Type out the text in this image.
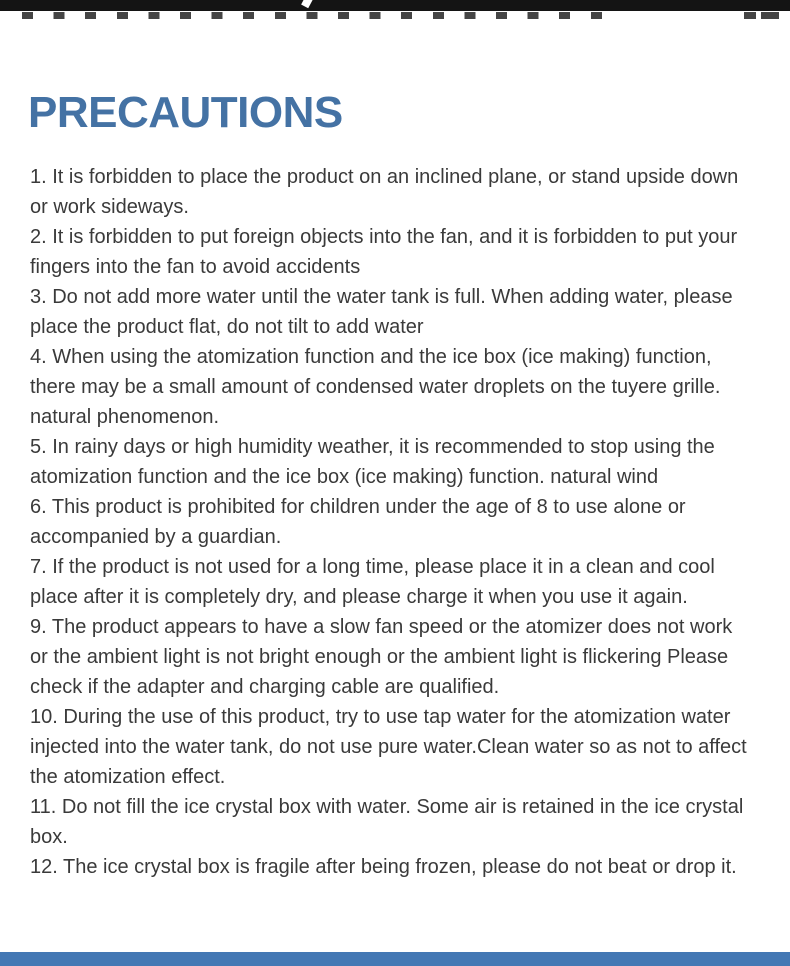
PRECAUTIONS
1. It is forbidden to place the product on an inclined plane, or stand upside down
or work sideways.
2. It is forbidden to put foreign objects into the fan, and it is forbidden to put your
fingers into the fan to avoid accidents
3. Do not add more water until the water tank is full. When adding water, please
place the product flat, do not tilt to add water
4. When using the atomization function and the ice box (ice making) function,
there may be a small amount of condensed water droplets on the tuyere grille.
natural phenomenon.
5. In rainy days or high humidity weather, it is recommended to stop using the
atomization function and the ice box (ice making) function. natural wind
6. This product is prohibited for children under the age of 8 to use alone or
accompanied by a guardian.
7. If the product is not used for a long time, please place it in a clean and cool
place after it is completely dry, and please charge it when you use it again.
9. The product appears to have a slow fan speed or the atomizer does not work
or the ambient light is not bright enough or the ambient light is flickering Please
check if the adapter and charging cable are qualified.
10. During the use of this product, try to use tap water for the atomization water
injected into the water tank, do not use pure water.Clean water so as not to affect
the atomization effect.
11. Do not fill the ice crystal box with water. Some air is retained in the ice crystal
box.
12. The ice crystal box is fragile after being frozen, please do not beat or drop it.
